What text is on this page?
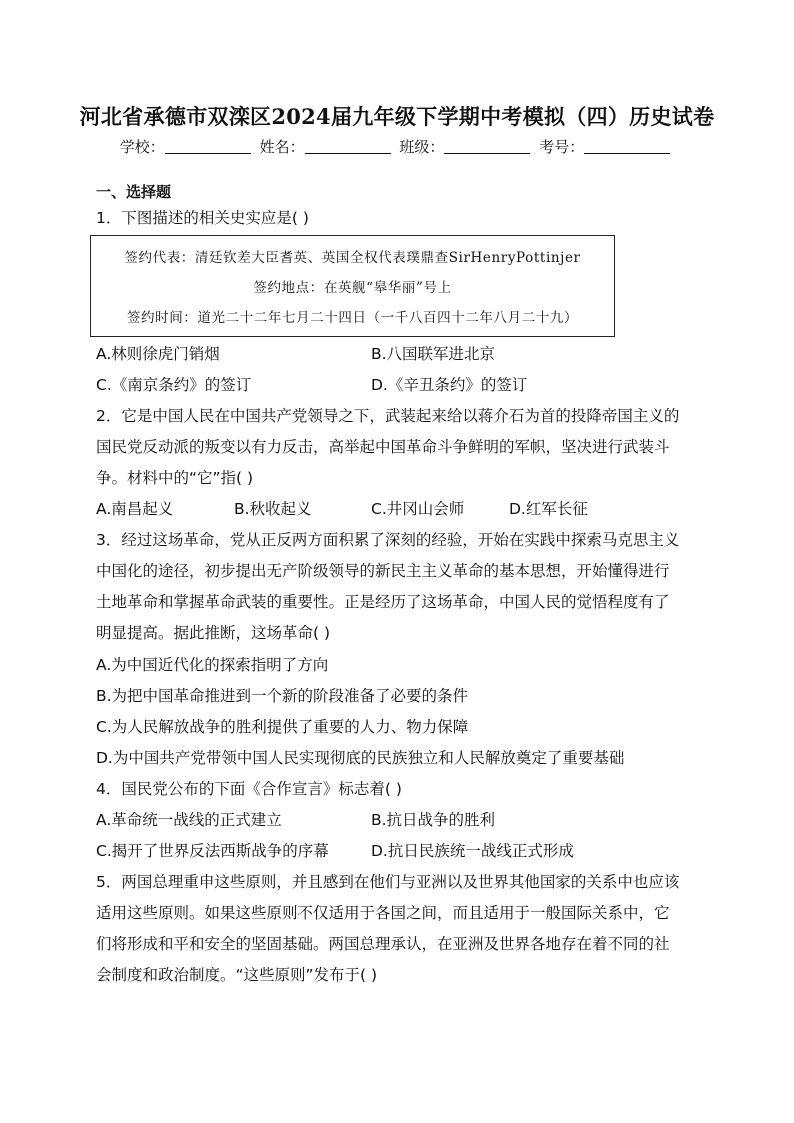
河北省承德市双滦区2024届九年级下学期中考模拟（四）历史试卷
学校：	姓名：	班级：	考号：
一、选择题
1．下图描述的相关史实应是( )
签约代表：清廷钦差大臣耆英、英国全权代表璞鼎查SirHenryPottinjer
签约地点：在英舰“皋华丽”号上
签约时间：道光二十二年七月二十四日（一千八百四十二年八月二十九）
A.林则徐虎门销烟	B.八国联军进北京
C.《南京条约》的签订	D.《辛丑条约》的签订
2．它是中国人民在中国共产党领导之下，武装起来给以蒋介石为首的投降帝国主义的
国民党反动派的叛变以有力反击，高举起中国革命斗争鲜明的军帜，坚决进行武装斗
争。材料中的“它”指( )
A.南昌起义	B.秋收起义	C.井冈山会师	D.红军长征
3．经过这场革命，党从正反两方面积累了深刻的经验，开始在实践中探索马克思主义
中国化的途径，初步提出无产阶级领导的新民主主义革命的基本思想，开始懂得进行
土地革命和掌握革命武装的重要性。正是经历了这场革命，中国人民的觉悟程度有了
明显提高。据此推断，这场革命( )
A.为中国近代化的探索指明了方向
B.为把中国革命推进到一个新的阶段准备了必要的条件
C.为人民解放战争的胜利提供了重要的人力、物力保障
D.为中国共产党带领中国人民实现彻底的民族独立和人民解放奠定了重要基础
4．国民党公布的下面《合作宣言》标志着( )
A.革命统一战线的正式建立	B.抗日战争的胜利
C.揭开了世界反法西斯战争的序幕	D.抗日民族统一战线正式形成
5．两国总理重申这些原则，并且感到在他们与亚洲以及世界其他国家的关系中也应该
适用这些原则。如果这些原则不仅适用于各国之间，而且适用于一般国际关系中，它
们将形成和平和安全的坚固基础。两国总理承认，在亚洲及世界各地存在着不同的社
会制度和政治制度。“这些原则”发布于( )
